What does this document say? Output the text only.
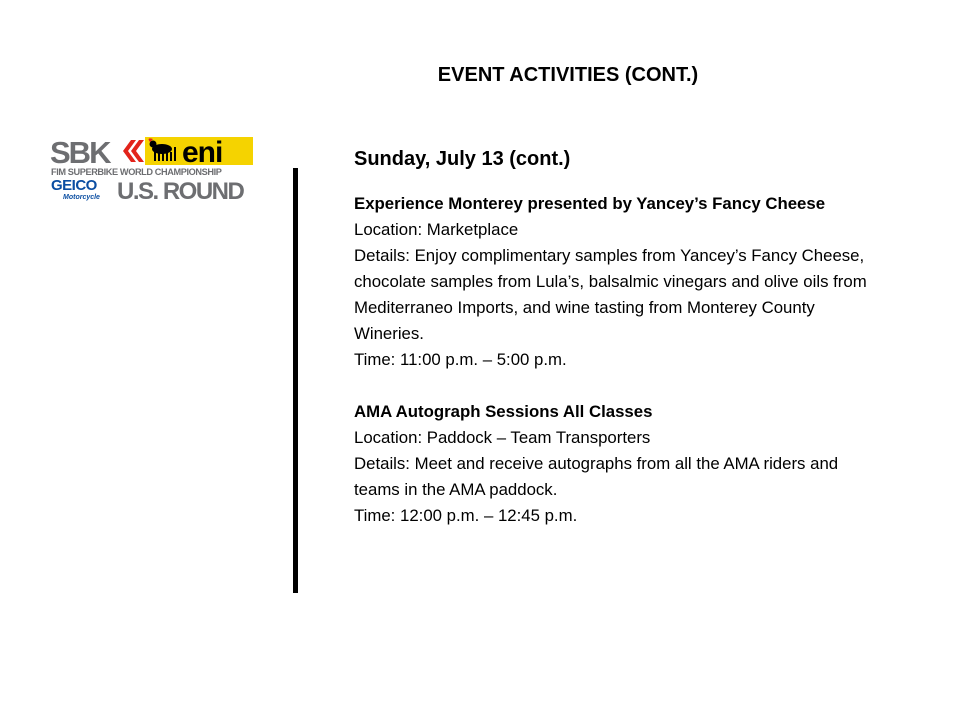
EVENT ACTIVITIES (CONT.)
SBK eni
FIM SUPERBIKE WORLD CHAMPIONSHIP
GEICO
Motorcycle U.S. ROUND
Sunday, July 13 (cont.)

Experience Monterey presented by Yancey’s Fancy Cheese

Location: Marketplace

Details: Enjoy complimentary samples from Yancey’s Fancy Cheese, chocolate samples from Lula’s, balsalmic vinegars and olive oils from Mediterraneo Imports, and wine tasting from Monterey County Wineries.

Time: 11:00 p.m. – 5:00 p.m.

AMA Autograph Sessions All Classes

Location: Paddock – Team Transporters

Details: Meet and receive autographs from all the AMA riders and teams in the AMA paddock.

Time: 12:00 p.m. – 12:45 p.m.
